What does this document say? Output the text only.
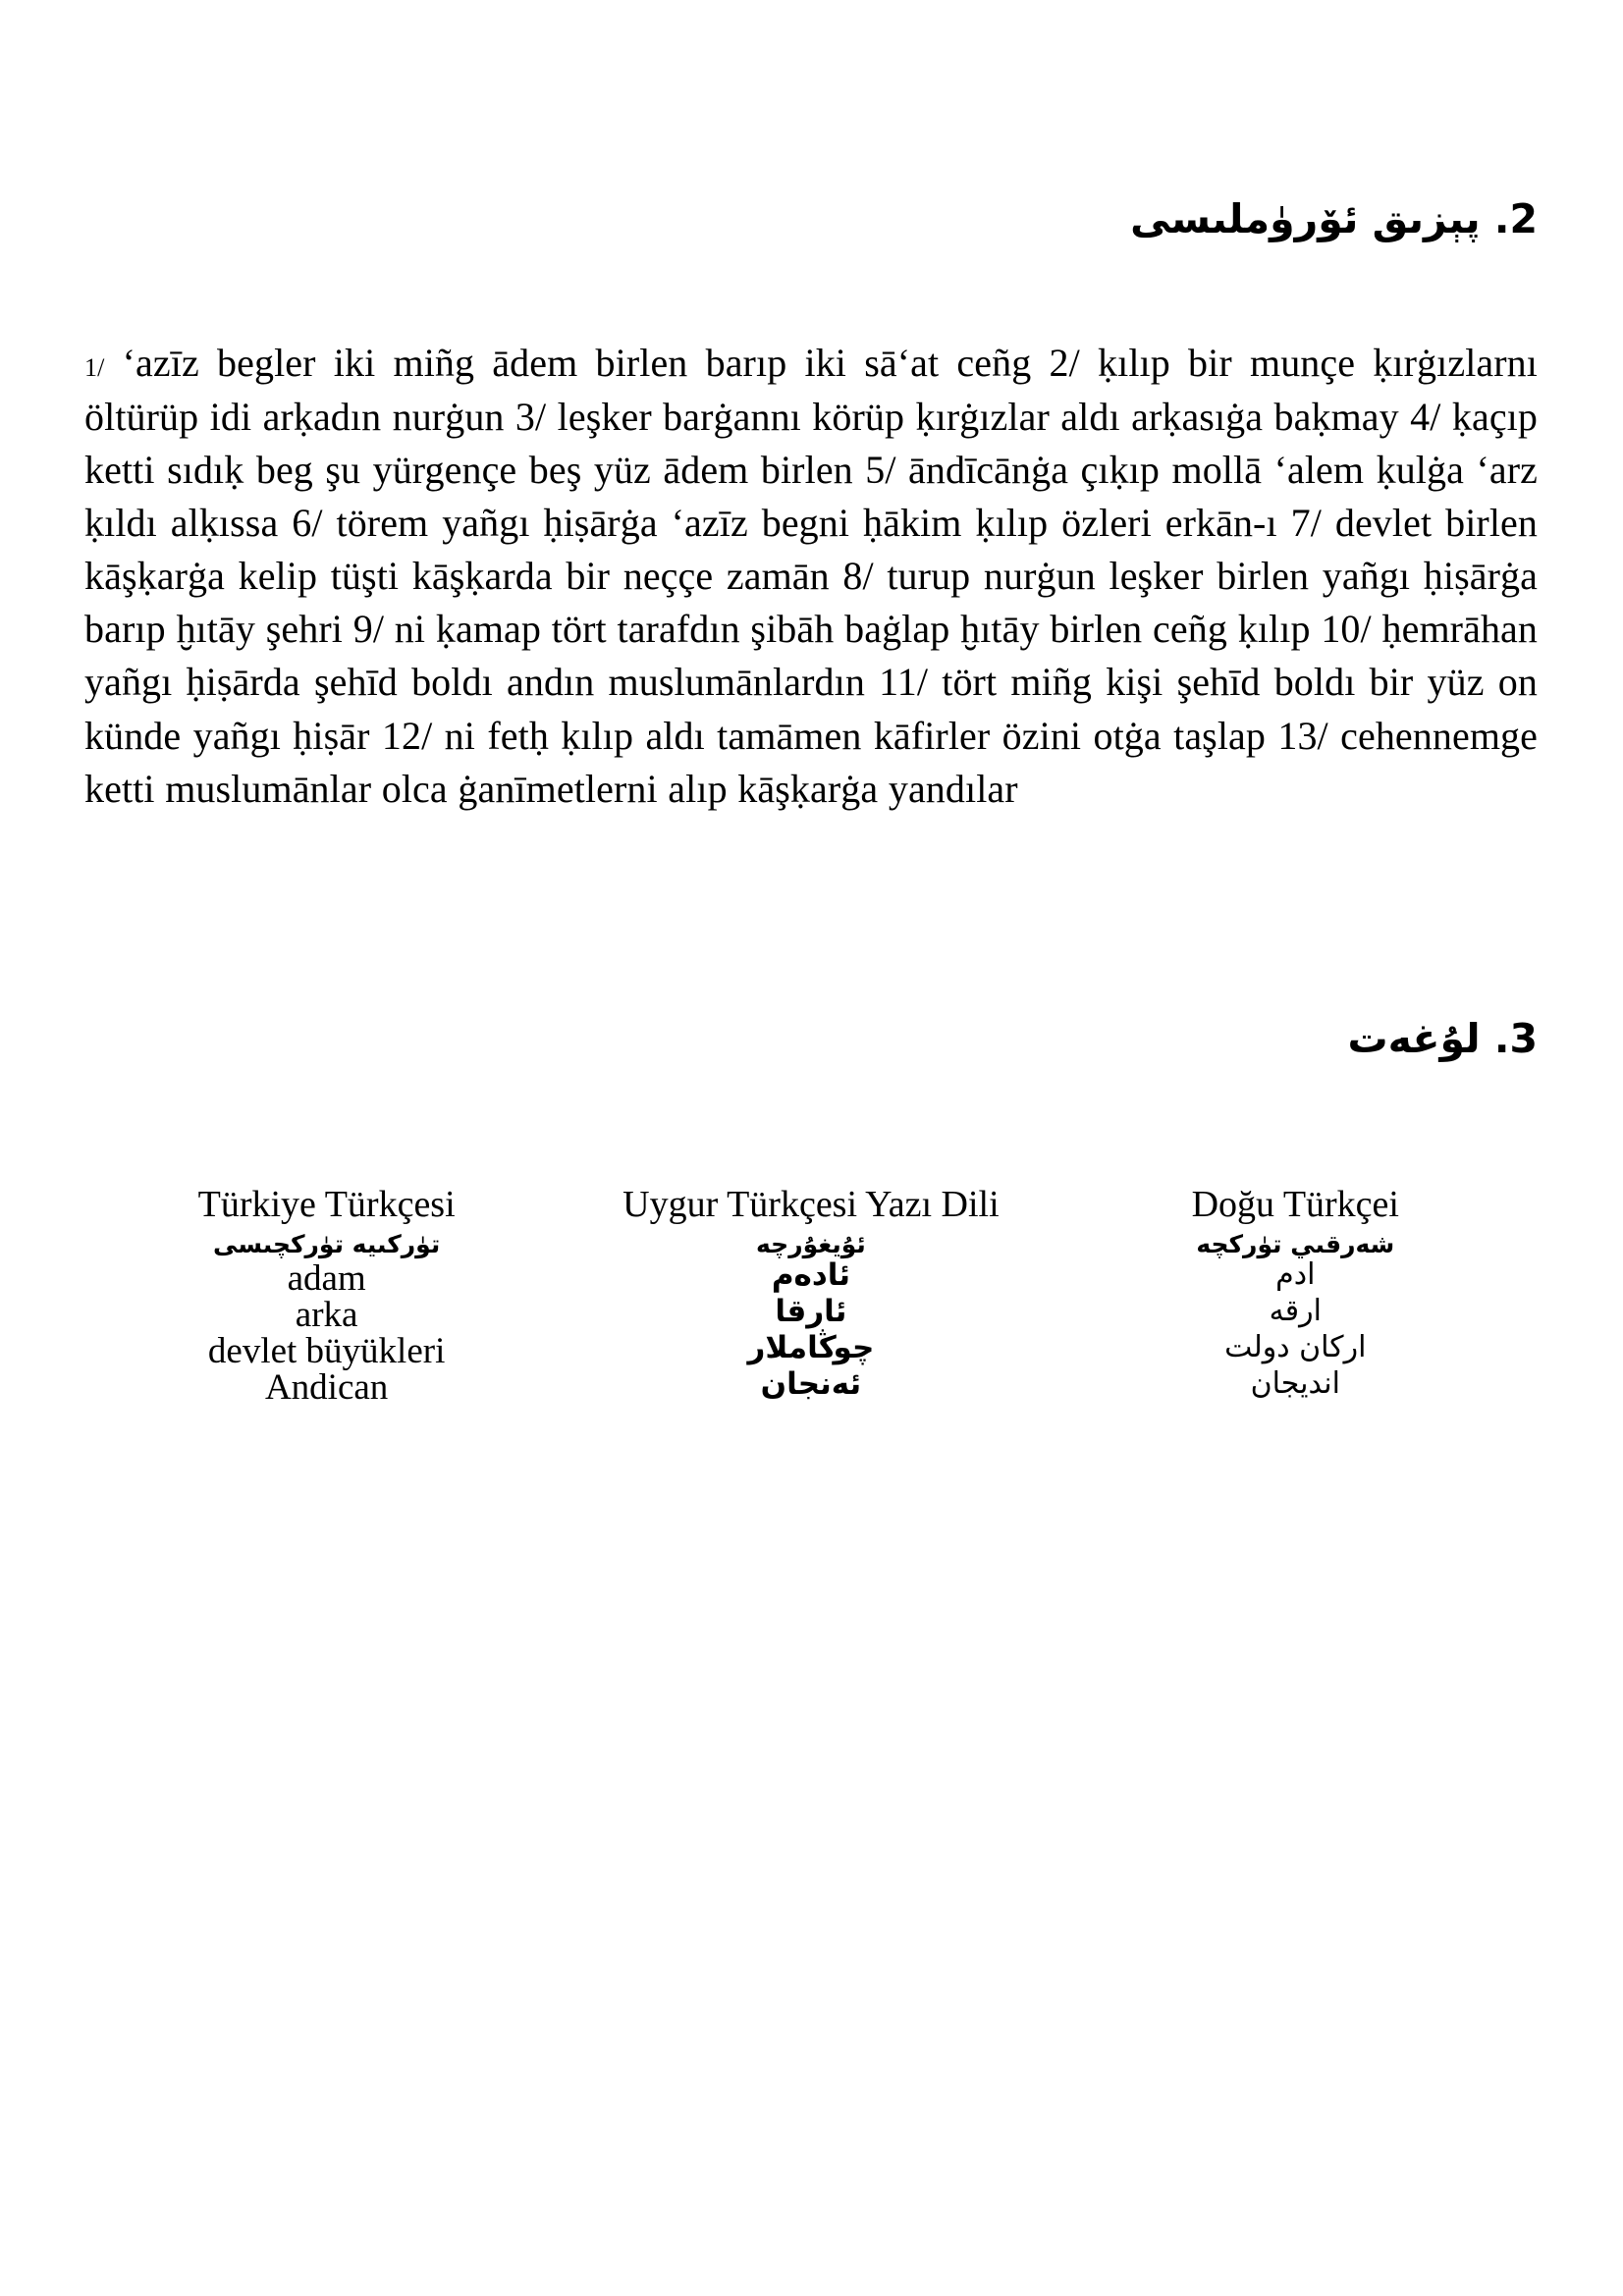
2. پېزىق ئۆرۈملىسى

1/ ʻazīz begler iki miñg ādem birlen barıp iki sāʻat ceñg 2/ ḳılıp bir munçe ḳırġızlarnı öltürüp idi arḳadın nurġun 3/ leşker barġannı körüp ḳırġızlar aldı arḳasıġa baḳmay 4/ ḳaçıp ketti sıdıḳ beg şu yürgençe beş yüz ādem birlen 5/ āndīcānġa çıḳıp mollā ʻalem ḳulġa ʻarz ḳıldı alḳıssa 6/ törem yañgı ḥiṣārġa ʻazīz begni ḥākim ḳılıp özleri erkān-ı 7/ devlet birlen kāşḳarġa kelip tüşti kāşḳarda bir neççe zamān 8/ turup nurġun leşker birlen yañgı ḥiṣārġa barıp ḫıtāy şehri 9/ ni ḳamap tört tarafdın şibāh baġlap ḫıtāy birlen ceñg ḳılıp 10/ ḥemrāhan yañgı ḥiṣārda şehīd boldı andın muslumānlardın 11/ tört miñg kişi şehīd boldı bir yüz on künde yañgı ḥiṣār 12/ ni fetḥ ḳılıp aldı tamāmen kāfirler özini otġa taşlap 13/ cehennemge ketti muslumānlar olca ġanīmetlerni alıp kāşḳarġa yandılar

3. لۇغەت
Türkiye Türkçesi	Uygur Türkçesi Yazı Dili	Doğu Türkçei
تۈركىيە تۈركچىسى	ئۇيغۇرچە	شەرقىي تۈركچە
adam	ئادەم	ادم
arka	ئارقا	ارقه
devlet büyükleri	چوڭاملار	اركان دولت
Andican	ئەنجان	انديجان
